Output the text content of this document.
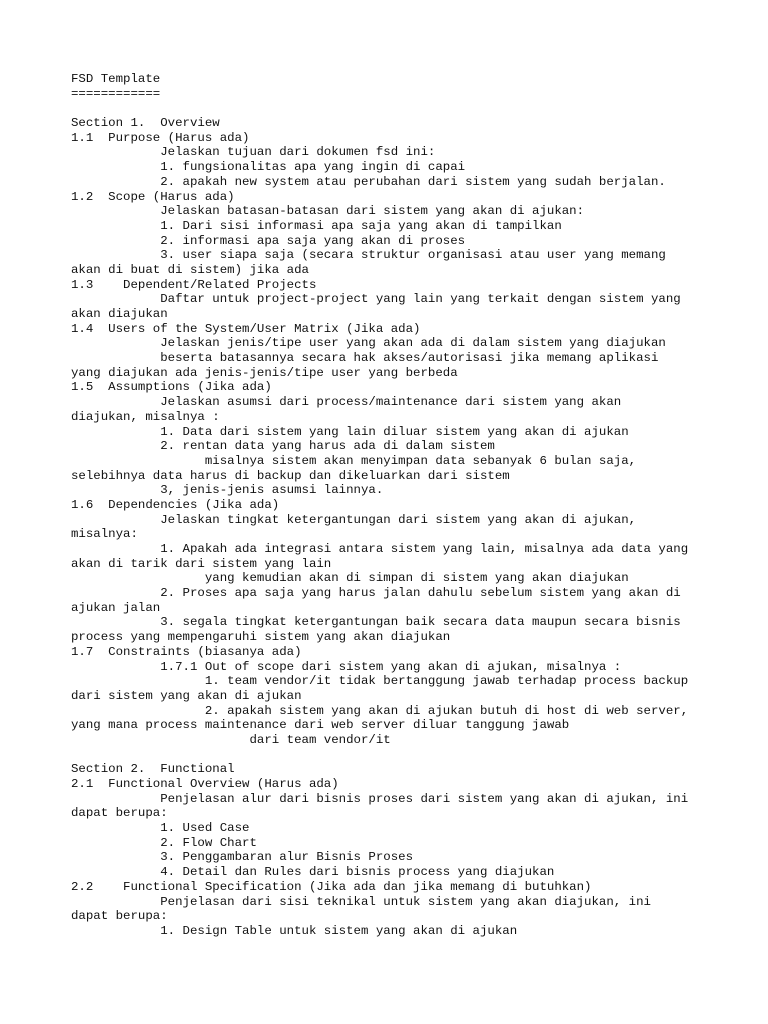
FSD Template
============

Section 1.  Overview
1.1  Purpose (Harus ada)
Jelaskan tujuan dari dokumen fsd ini:
1. fungsionalitas apa yang ingin di capai
2. apakah new system atau perubahan dari sistem yang sudah berjalan.
1.2  Scope (Harus ada)
Jelaskan batasan-batasan dari sistem yang akan di ajukan:
1. Dari sisi informasi apa saja yang akan di tampilkan
2. informasi apa saja yang akan di proses
3. user siapa saja (secara struktur organisasi atau user yang memang
akan di buat di sistem) jika ada
1.3    Dependent/Related Projects
Daftar untuk project-project yang lain yang terkait dengan sistem yang
akan diajukan
1.4  Users of the System/User Matrix (Jika ada)
Jelaskan jenis/tipe user yang akan ada di dalam sistem yang diajukan
beserta batasannya secara hak akses/autorisasi jika memang aplikasi
yang diajukan ada jenis-jenis/tipe user yang berbeda
1.5  Assumptions (Jika ada)
Jelaskan asumsi dari process/maintenance dari sistem yang akan
diajukan, misalnya :
1. Data dari sistem yang lain diluar sistem yang akan di ajukan
2. rentan data yang harus ada di dalam sistem
misalnya sistem akan menyimpan data sebanyak 6 bulan saja,
selebihnya data harus di backup dan dikeluarkan dari sistem
3, jenis-jenis asumsi lainnya.
1.6  Dependencies (Jika ada)
Jelaskan tingkat ketergantungan dari sistem yang akan di ajukan,
misalnya:
1. Apakah ada integrasi antara sistem yang lain, misalnya ada data yang
akan di tarik dari sistem yang lain
yang kemudian akan di simpan di sistem yang akan diajukan
2. Proses apa saja yang harus jalan dahulu sebelum sistem yang akan di
ajukan jalan
3. segala tingkat ketergantungan baik secara data maupun secara bisnis
process yang mempengaruhi sistem yang akan diajukan
1.7  Constraints (biasanya ada)
1.7.1 Out of scope dari sistem yang akan di ajukan, misalnya :
1. team vendor/it tidak bertanggung jawab terhadap process backup
dari sistem yang akan di ajukan
2. apakah sistem yang akan di ajukan butuh di host di web server,
yang mana process maintenance dari web server diluar tanggung jawab
dari team vendor/it

Section 2.  Functional
2.1  Functional Overview (Harus ada)
Penjelasan alur dari bisnis proses dari sistem yang akan di ajukan, ini
dapat berupa:
1. Used Case
2. Flow Chart
3. Penggambaran alur Bisnis Proses
4. Detail dan Rules dari bisnis process yang diajukan
2.2    Functional Specification (Jika ada dan jika memang di butuhkan)
Penjelasan dari sisi teknikal untuk sistem yang akan diajukan, ini
dapat berupa:
1. Design Table untuk sistem yang akan di ajukan
